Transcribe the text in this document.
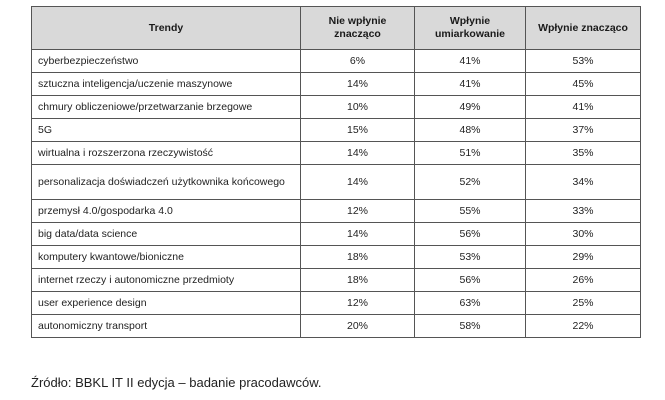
Trendy	Nie wpłynie znacząco	Wpłynie umiarkowanie	Wpłynie znacząco
cyberbezpieczeństwo	6%	41%	53%
sztuczna inteligencja/uczenie maszynowe	14%	41%	45%
chmury obliczeniowe/przetwarzanie brzegowe	10%	49%	41%
5G	15%	48%	37%
wirtualna i rozszerzona rzeczywistość	14%	51%	35%
personalizacja doświadczeń użytkownika końcowego	14%	52%	34%
przemysł 4.0/gospodarka 4.0	12%	55%	33%
big data/data science	14%	56%	30%
komputery kwantowe/bioniczne	18%	53%	29%
internet rzeczy i autonomiczne przedmioty	18%	56%	26%
user experience design	12%	63%	25%
autonomiczny transport	20%	58%	22%
Źródło: BBKL IT II edycja – badanie pracodawców.
